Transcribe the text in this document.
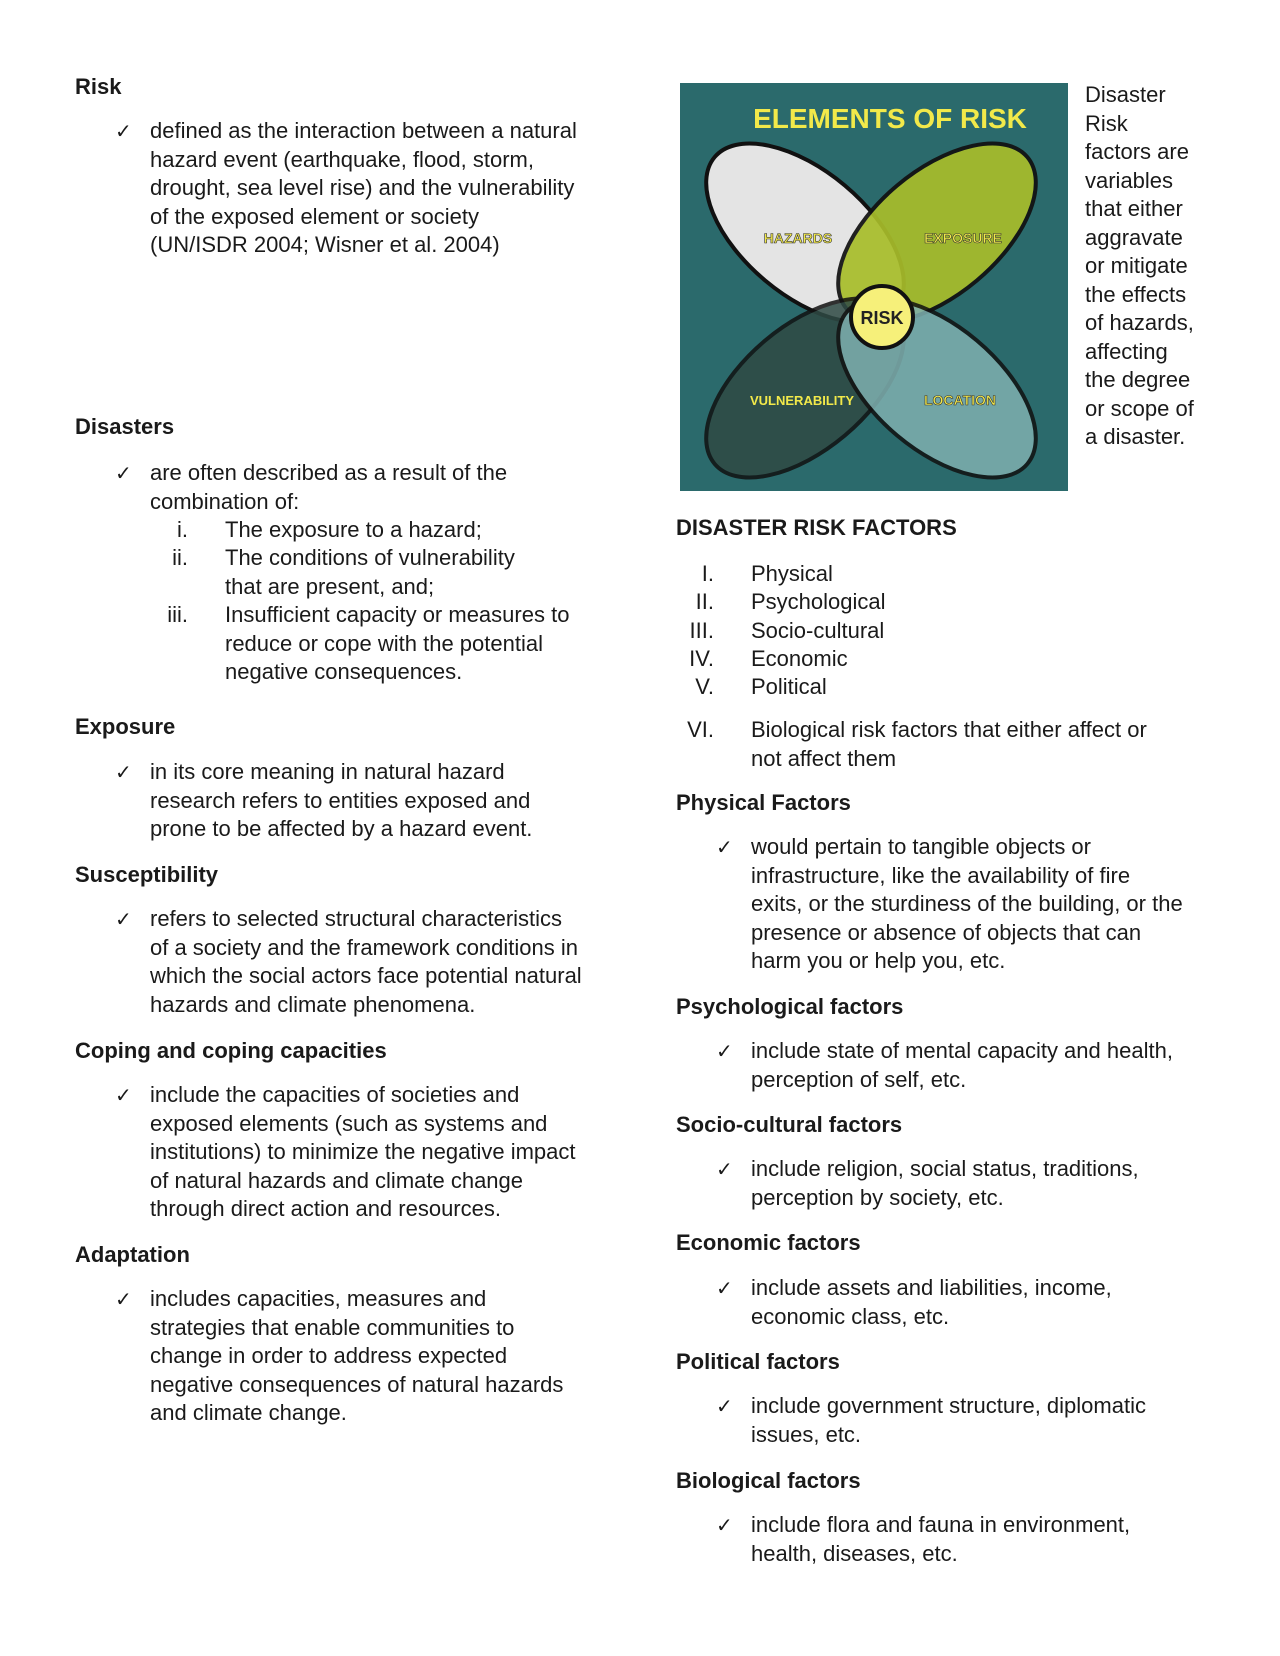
Risk
✓ defined as the interaction between a natural
hazard event (earthquake, flood, storm,
drought, sea level rise) and the vulnerability
of the exposed element or society
(UN/ISDR 2004; Wisner et al. 2004)
Disasters
✓ are often described as a result of the
combination of:
i. The exposure to a hazard;
ii. The conditions of vulnerability
that are present, and;
iii. Insufficient capacity or measures to
reduce or cope with the potential
negative consequences.
Exposure
✓ in its core meaning in natural hazard
research refers to entities exposed and
prone to be affected by a hazard event.
Susceptibility
✓ refers to selected structural characteristics
of a society and the framework conditions in
which the social actors face potential natural
hazards and climate phenomena.
Coping and coping capacities
✓ include the capacities of societies and
exposed elements (such as systems and
institutions) to minimize the negative impact
of natural hazards and climate change
through direct action and resources.
Adaptation
✓ includes capacities, measures and
strategies that enable communities to
change in order to address expected
negative consequences of natural hazards
and climate change.
ELEMENTS OF RISK
HAZARDS	EXPOSURE
VULNERABILITY	LOCATION
RISK
Disaster
Risk
factors are
variables
that either
aggravate
or mitigate
the effects
of hazards,
affecting
the degree
or scope of
a disaster.
DISASTER RISK FACTORS
I. Physical
II. Psychological
III. Socio-cultural
IV. Economic
V. Political
VI. Biological risk factors that either affect or
not affect them
Physical Factors
✓ would pertain to tangible objects or
infrastructure, like the availability of fire
exits, or the sturdiness of the building, or the
presence or absence of objects that can
harm you or help you, etc.
Psychological factors
✓ include state of mental capacity and health,
perception of self, etc.
Socio-cultural factors
✓ include religion, social status, traditions,
perception by society, etc.
Economic factors
✓ include assets and liabilities, income,
economic class, etc.
Political factors
✓ include government structure, diplomatic
issues, etc.
Biological factors
✓ include flora and fauna in environment,
health, diseases, etc.
